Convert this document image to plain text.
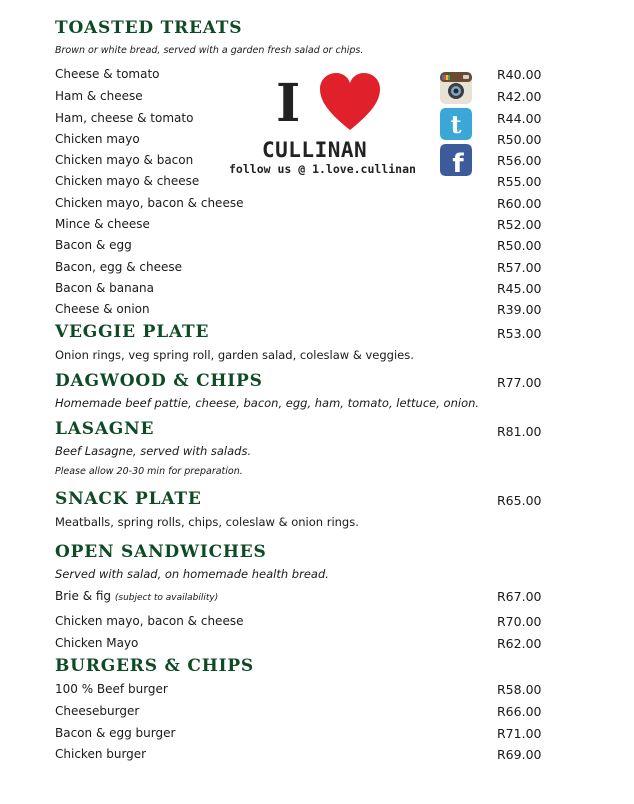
TOASTED TREATS
Brown or white bread, served with a garden fresh salad or chips.
Cheese & tomato	R40.00
Ham & cheese	R42.00
Ham, cheese & tomato	R44.00
Chicken mayo	R50.00
Chicken mayo & bacon	R56.00
Chicken mayo & cheese	R55.00
Chicken mayo, bacon & cheese	R60.00
Mince & cheese	R52.00
Bacon & egg	R50.00
Bacon, egg & cheese	R57.00
Bacon & banana	R45.00
Cheese & onion	R39.00
I
CULLINAN
follow us @ 1.love.cullinan
t
f
VEGGIE PLATE	R53.00
Onion rings, veg spring roll, garden salad, coleslaw & veggies.
DAGWOOD & CHIPS	R77.00
Homemade beef pattie, cheese, bacon, egg, ham, tomato, lettuce, onion.
LASAGNE	R81.00
Beef Lasagne, served with salads.
Please allow 20-30 min for preparation.
SNACK PLATE	R65.00
Meatballs, spring rolls, chips, coleslaw & onion rings.
OPEN SANDWICHES
Served with salad, on homemade health bread.
Brie & fig (subject to availability)	R67.00
Chicken mayo, bacon & cheese	R70.00
Chicken Mayo	R62.00
BURGERS & CHIPS
100 % Beef burger	R58.00
Cheeseburger	R66.00
Bacon & egg burger	R71.00
Chicken burger	R69.00
